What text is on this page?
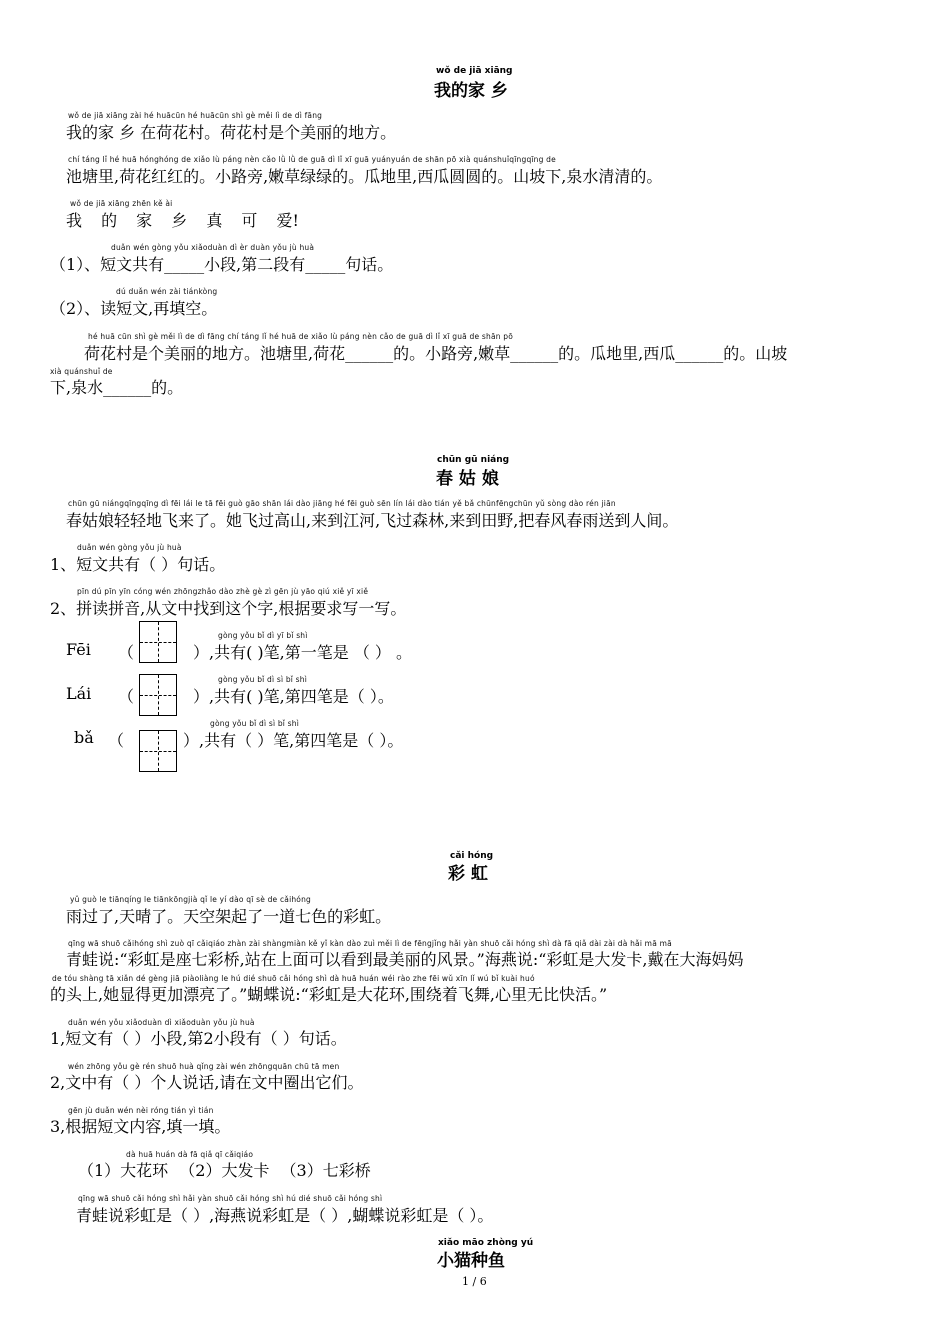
wǒ de jiā xiāng
我的家 乡
wǒ de jiā xiāng zài hé huācūn hé huācūn shì gè měi lì de dì fāng
我的家 乡 在荷花村。荷花村是个美丽的地方。
chí táng lǐ hé huā hónghóng de xiǎo lù páng nèn cǎo lǜ lǜ de guā dì lǐ xī guā yuányuán de shān pō xià quánshuǐqīngqīng de
池塘里,荷花红红的。小路旁,嫩草绿绿的。瓜地里,西瓜圆圆的。山坡下,泉水清清的。
wǒ de jiā xiāng zhēn kě ài
我 的 家 乡 真 可 爱!
duǎn wén gòng yǒu xiǎoduàn dì èr duàn yǒu jù huà
（1）、短文共有_____小段,第二段有_____句话。
dú duǎn wén zài tiánkòng
（2）、读短文,再填空。
hé huā cūn shì gè měi lì de dì fāng chí táng lǐ hé huā de xiǎo lù páng nèn cǎo de guā dì lǐ xī guā de shān pō
荷花村是个美丽的地方。池塘里,荷花______的。小路旁,嫩草______的。瓜地里,西瓜______的。山坡
xià quánshuǐ de
下,泉水______的。
chūn gū niáng
春 姑 娘
chūn gū niángqīngqīng dì fēi lái le tā fēi guò gāo shān lái dào jiāng hé fēi guò sēn lín lái dào tián yě bǎ chūnfēngchūn yǔ sòng dào rén jiān
春姑娘轻轻地飞来了。她飞过高山,来到江河,飞过森林,来到田野,把春风春雨送到人间。
duǎn wén gòng yǒu jù huà
1、短文共有（ ）句话。
pīn dú pīn yīn cóng wén zhōngzhǎo dào zhè gè zì gēn jù yāo qiú xiě yī xiě
2、拼读拼音,从文中找到这个字,根据要求写一写。
Fēi （
gòng yǒu bǐ dì yī bǐ shì
）,共有( )笔,第一笔是 （ ） 。
Lái （
gòng yǒu bǐ dì sì bǐ shì
）,共有( )笔,第四笔是（ ）。
bǎ （
gòng yǒu bǐ dì sì bǐ shì
）,共有（ ）笔,第四笔是（ ）。
cǎi hóng
彩 虹
yǔ guò le tiānqíng le tiānkōngjià qǐ le yí dào qī sè de cǎihóng
雨过了,天晴了。天空架起了一道七色的彩虹。
qīng wā shuō cǎihóng shì zuò qī cǎiqiáo zhàn zài shàngmiàn kě yǐ kàn dào zuì měi lì de fēngjǐng hǎi yàn shuō cǎi hóng shì dà fā qiǎ dài zài dà hǎi mā mā
青蛙说:“彩虹是座七彩桥,站在上面可以看到最美丽的风景。”海燕说:“彩虹是大发卡,戴在大海妈妈
de tóu shàng tā xiǎn dé gèng jiā piàoliàng le hú dié shuō cǎi hóng shì dà huā huán wéi rào zhe fēi wǔ xīn lǐ wú bǐ kuài huó
的头上,她显得更加漂亮了。”蝴蝶说:“彩虹是大花环,围绕着飞舞,心里无比快活。”
duǎn wén yǒu xiǎoduàn dì xiǎoduàn yǒu jù huà
1,短文有（ ）小段,第2小段有（ ）句话。
wén zhōng yǒu gè rén shuō huà qǐng zài wén zhōngquān chū tā men
2,文中有（ ）个人说话,请在文中圈出它们。
gēn jù duǎn wén nèi róng tián yì tián
3,根据短文内容,填一填。
dà huā huán dà fā qiǎ qī cǎiqiáo
（1）大花环 （2）大发卡 （3）七彩桥
qīng wā shuō cǎi hóng shì hǎi yàn shuō cǎi hóng shì hú dié shuō cǎi hóng shì
青蛙说彩虹是（ ）,海燕说彩虹是（ ）,蝴蝶说彩虹是（ ）。
xiǎo māo zhòng yú
小猫种鱼
1 / 6
